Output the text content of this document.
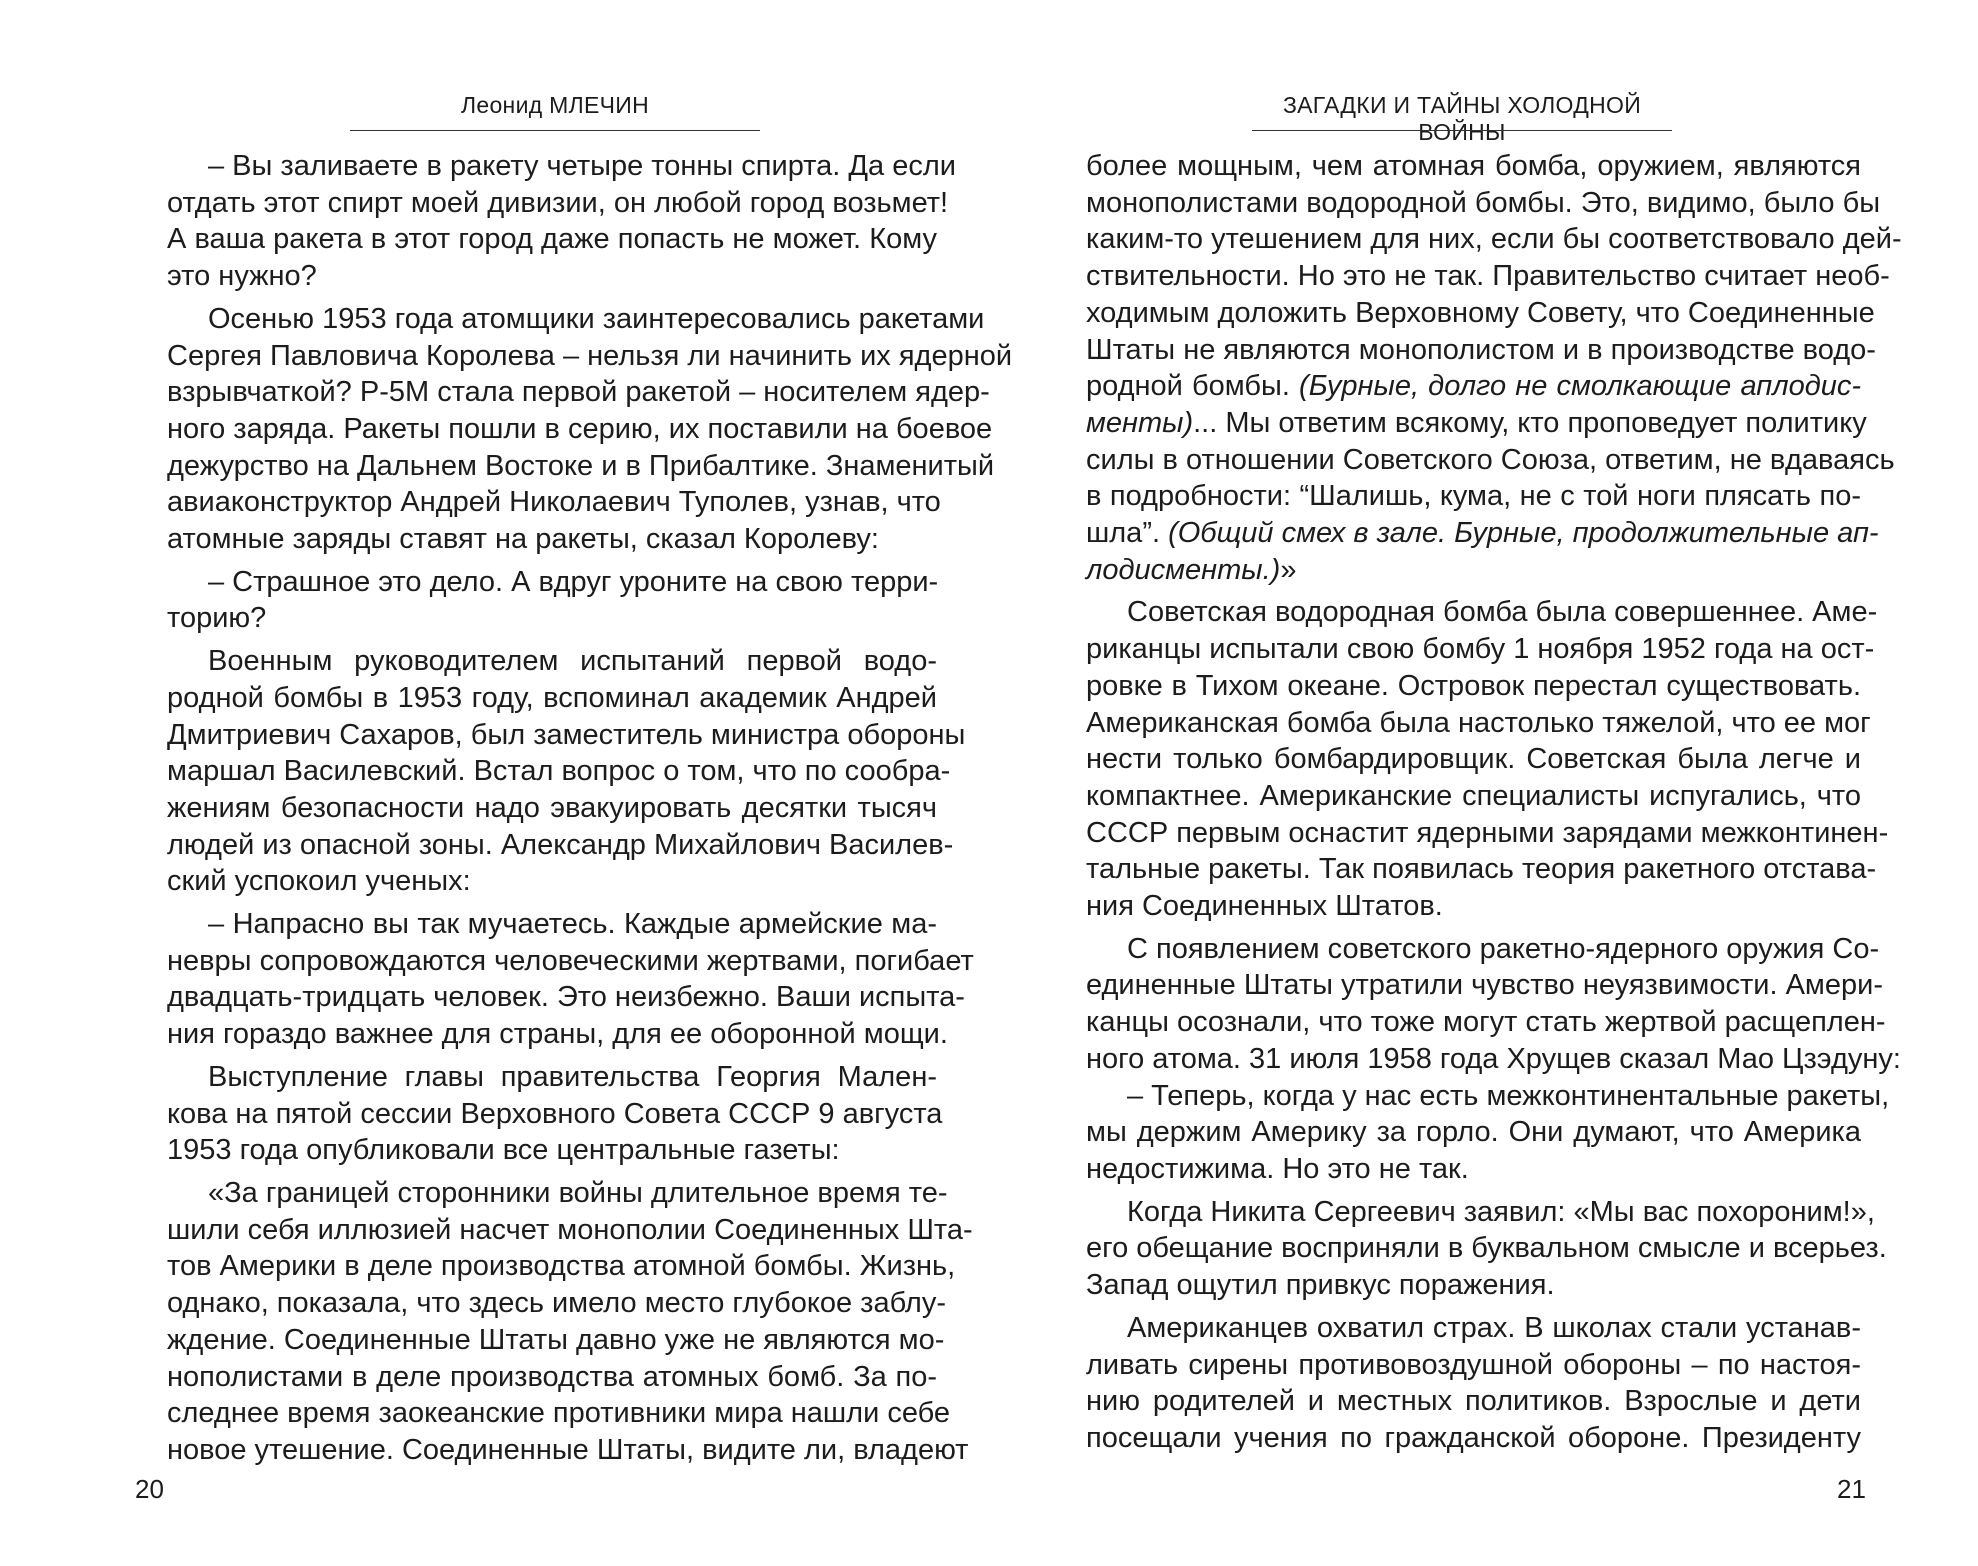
Леонид МЛЕЧИН
– Вы заливаете в ракету четыре тонны спирта. Да если
отдать этот спирт моей дивизии, он любой город возьмет!
А ваша ракета в этот город даже попасть не может. Кому
это нужно?
Осенью 1953 года атомщики заинтересовались ракетами
Сергея Павловича Королева – нельзя ли начинить их ядерной
взрывчаткой? Р-5М стала первой ракетой – носителем ядер-
ного заряда. Ракеты пошли в серию, их поставили на боевое
дежурство на Дальнем Востоке и в Прибалтике. Знаменитый
авиаконструктор Андрей Николаевич Туполев, узнав, что
атомные заряды ставят на ракеты, сказал Королеву:
– Страшное это дело. А вдруг уроните на свою терри-
торию?
Военным руководителем испытаний первой водо-
родной бомбы в 1953 году, вспоминал академик Андрей
Дмитриевич Сахаров, был заместитель министра обороны
маршал Василевский. Встал вопрос о том, что по сообра-
жениям безопасности надо эвакуировать десятки тысяч
людей из опасной зоны. Александр Михайлович Василев-
ский успокоил ученых:
– Напрасно вы так мучаетесь. Каждые армейские ма-
невры сопровождаются человеческими жертвами, погибает
двадцать-тридцать человек. Это неизбежно. Ваши испыта-
ния гораздо важнее для страны, для ее оборонной мощи.
Выступление главы правительства Георгия Мален-
кова на пятой сессии Верховного Совета СССР 9 августа
1953 года опубликовали все центральные газеты:
«За границей сторонники войны длительное время те-
шили себя иллюзией насчет монополии Соединенных Шта-
тов Америки в деле производства атомной бомбы. Жизнь,
однако, показала, что здесь имело место глубокое заблу-
ждение. Соединенные Штаты давно уже не являются мо-
нополистами в деле производства атомных бомб. За по-
следнее время заокеанские противники мира нашли себе
новое утешение. Соединенные Штаты, видите ли, владеют
20
ЗАГАДКИ И ТАЙНЫ ХОЛОДНОЙ ВОЙНЫ
более мощным, чем атомная бомба, оружием, являются
монополистами водородной бомбы. Это, видимо, было бы
каким-то утешением для них, если бы соответствовало дей-
ствительности. Но это не так. Правительство считает необ-
ходимым доложить Верховному Совету, что Соединенные
Штаты не являются монополистом и в производстве водо-
родной бомбы. (Бурные, долго не смолкающие аплодис-
менты)... Мы ответим всякому, кто проповедует политику
силы в отношении Советского Союза, ответим, не вдаваясь
в подробности: “Шалишь, кума, не с той ноги плясать по-
шла”. (Общий смех в зале. Бурные, продолжительные ап-
лодисменты.)»
Советская водородная бомба была совершеннее. Аме-
риканцы испытали свою бомбу 1 ноября 1952 года на ост-
ровке в Тихом океане. Островок перестал существовать.
Американская бомба была настолько тяжелой, что ее мог
нести только бомбардировщик. Советская была легче и
компактнее. Американские специалисты испугались, что
СССР первым оснастит ядерными зарядами межконтинен-
тальные ракеты. Так появилась теория ракетного отстава-
ния Соединенных Штатов.
С появлением советского ракетно-ядерного оружия Со-
единенные Штаты утратили чувство неуязвимости. Амери-
канцы осознали, что тоже могут стать жертвой расщеплен-
ного атома. 31 июля 1958 года Хрущев сказал Мао Цзэдуну:
– Теперь, когда у нас есть межконтинентальные ракеты,
мы держим Америку за горло. Они думают, что Америка
недостижима. Но это не так.
Когда Никита Сергеевич заявил: «Мы вас похороним!»,
его обещание восприняли в буквальном смысле и всерьез.
Запад ощутил привкус поражения.
Американцев охватил страх. В школах стали устанав-
ливать сирены противовоздушной обороны – по настоя-
нию родителей и местных политиков. Взрослые и дети
посещали учения по гражданской обороне. Президенту
21
